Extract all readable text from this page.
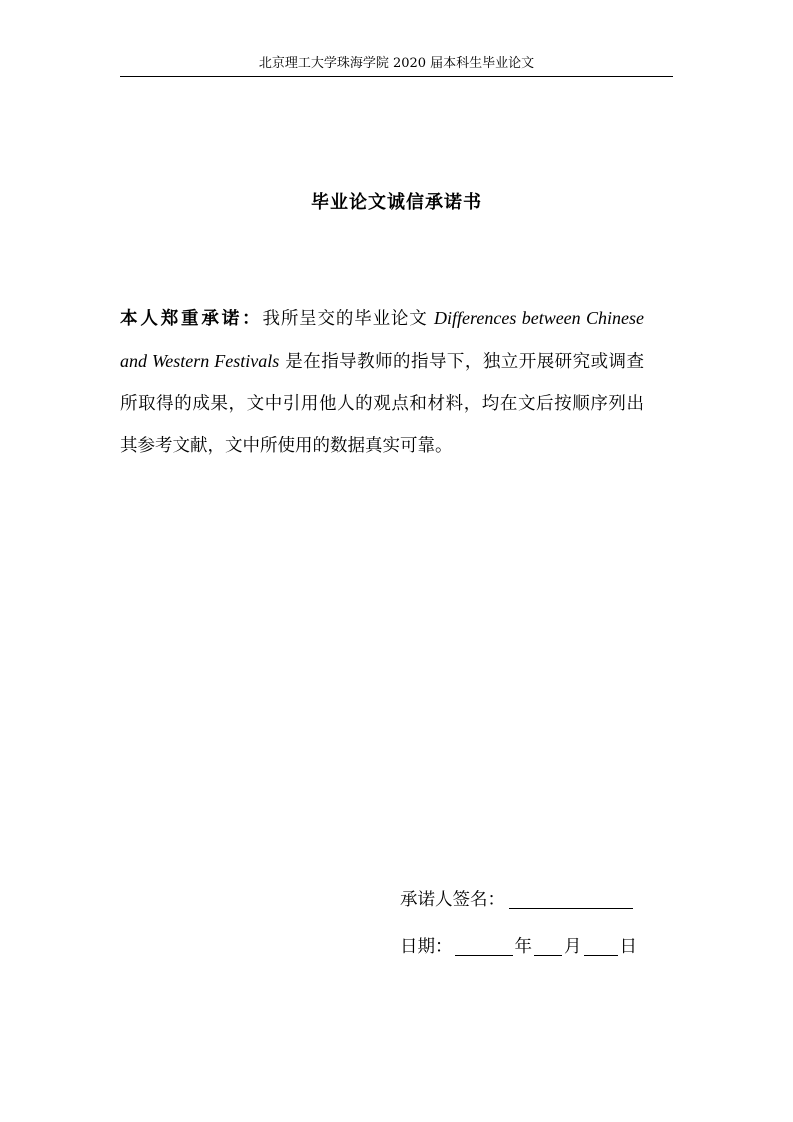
北京理工大学珠海学院 2020 届本科生毕业论文
毕业论文诚信承诺书
本人郑重承诺：我所呈交的毕业论文 Differences between Chinese and Western Festivals 是在指导教师的指导下，独立开展研究或调查所取得的成果，文中引用他人的观点和材料，均在文后按顺序列出其参考文献，文中所使用的数据真实可靠。
承诺人签名：
日期：	年 月 日
